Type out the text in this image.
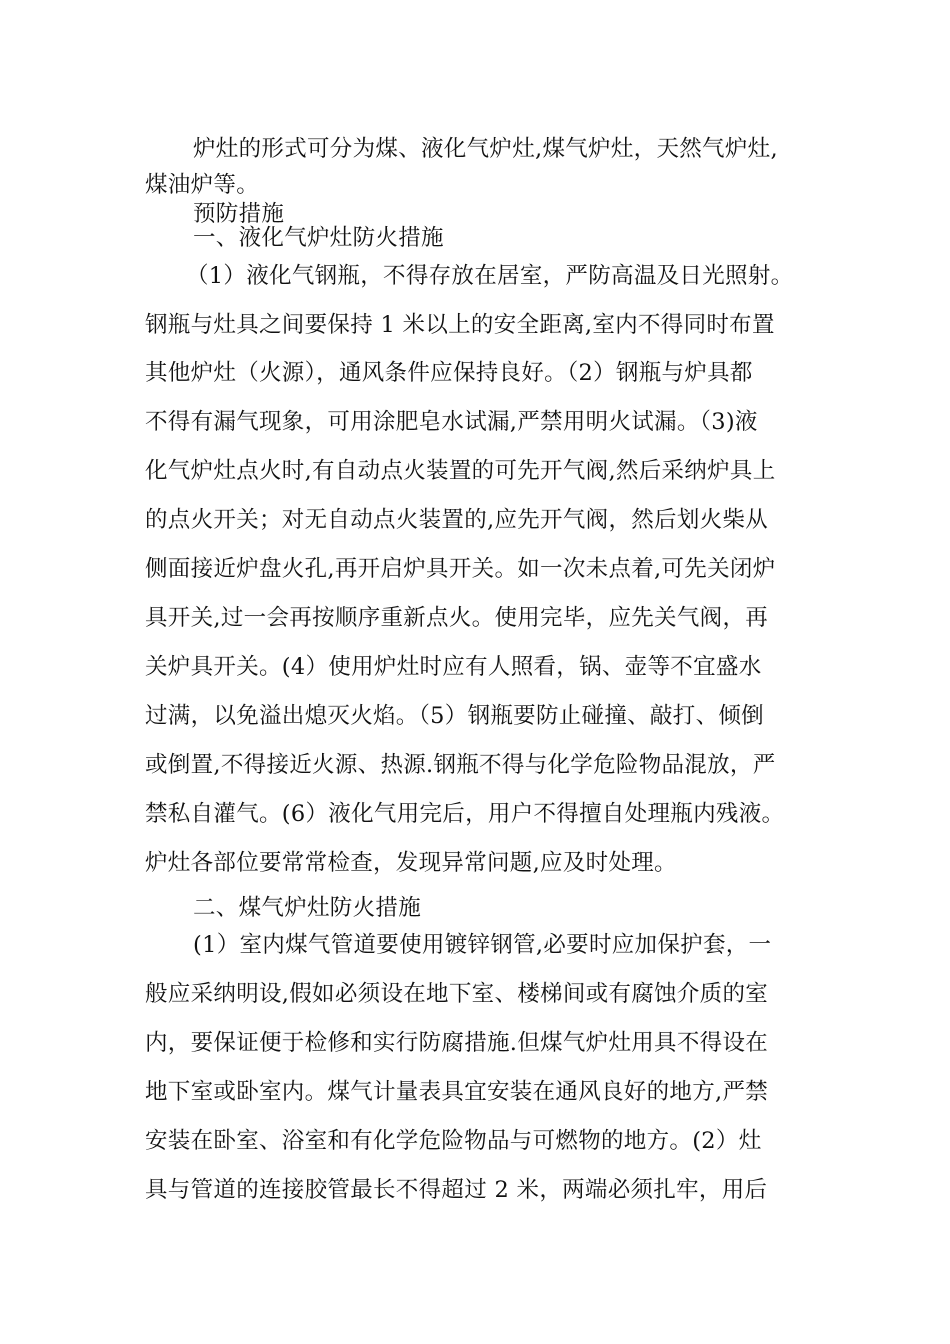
炉灶的形式可分为煤、液化气炉灶,煤气炉灶，天然气炉灶,
煤油炉等。
预防措施
一、液化气炉灶防火措施
（1）液化气钢瓶，不得存放在居室，严防高温及日光照射。
钢瓶与灶具之间要保持 1 米以上的安全距离,室内不得同时布置
其他炉灶（火源），通风条件应保持良好。（2）钢瓶与炉具都
不得有漏气现象，可用涂肥皂水试漏,严禁用明火试漏。（3)液
化气炉灶点火时,有自动点火装置的可先开气阀,然后采纳炉具上
的点火开关；对无自动点火装置的,应先开气阀，然后划火柴从
侧面接近炉盘火孔,再开启炉具开关。如一次未点着,可先关闭炉
具开关,过一会再按顺序重新点火。使用完毕，应先关气阀，再
关炉具开关。(4）使用炉灶时应有人照看，锅、壶等不宜盛水
过满，以免溢出熄灭火焰。（5）钢瓶要防止碰撞、敲打、倾倒
或倒置,不得接近火源、热源.钢瓶不得与化学危险物品混放，严
禁私自灌气。(6）液化气用完后，用户不得擅自处理瓶内残液。
炉灶各部位要常常检查，发现异常问题,应及时处理。
二、煤气炉灶防火措施
(1）室内煤气管道要使用镀锌钢管,必要时应加保护套，一
般应采纳明设,假如必须设在地下室、楼梯间或有腐蚀介质的室
内，要保证便于检修和实行防腐措施.但煤气炉灶用具不得设在
地下室或卧室内。煤气计量表具宜安装在通风良好的地方,严禁
安装在卧室、浴室和有化学危险物品与可燃物的地方。(2）灶
具与管道的连接胶管最长不得超过 2 米，两端必须扎牢，用后
